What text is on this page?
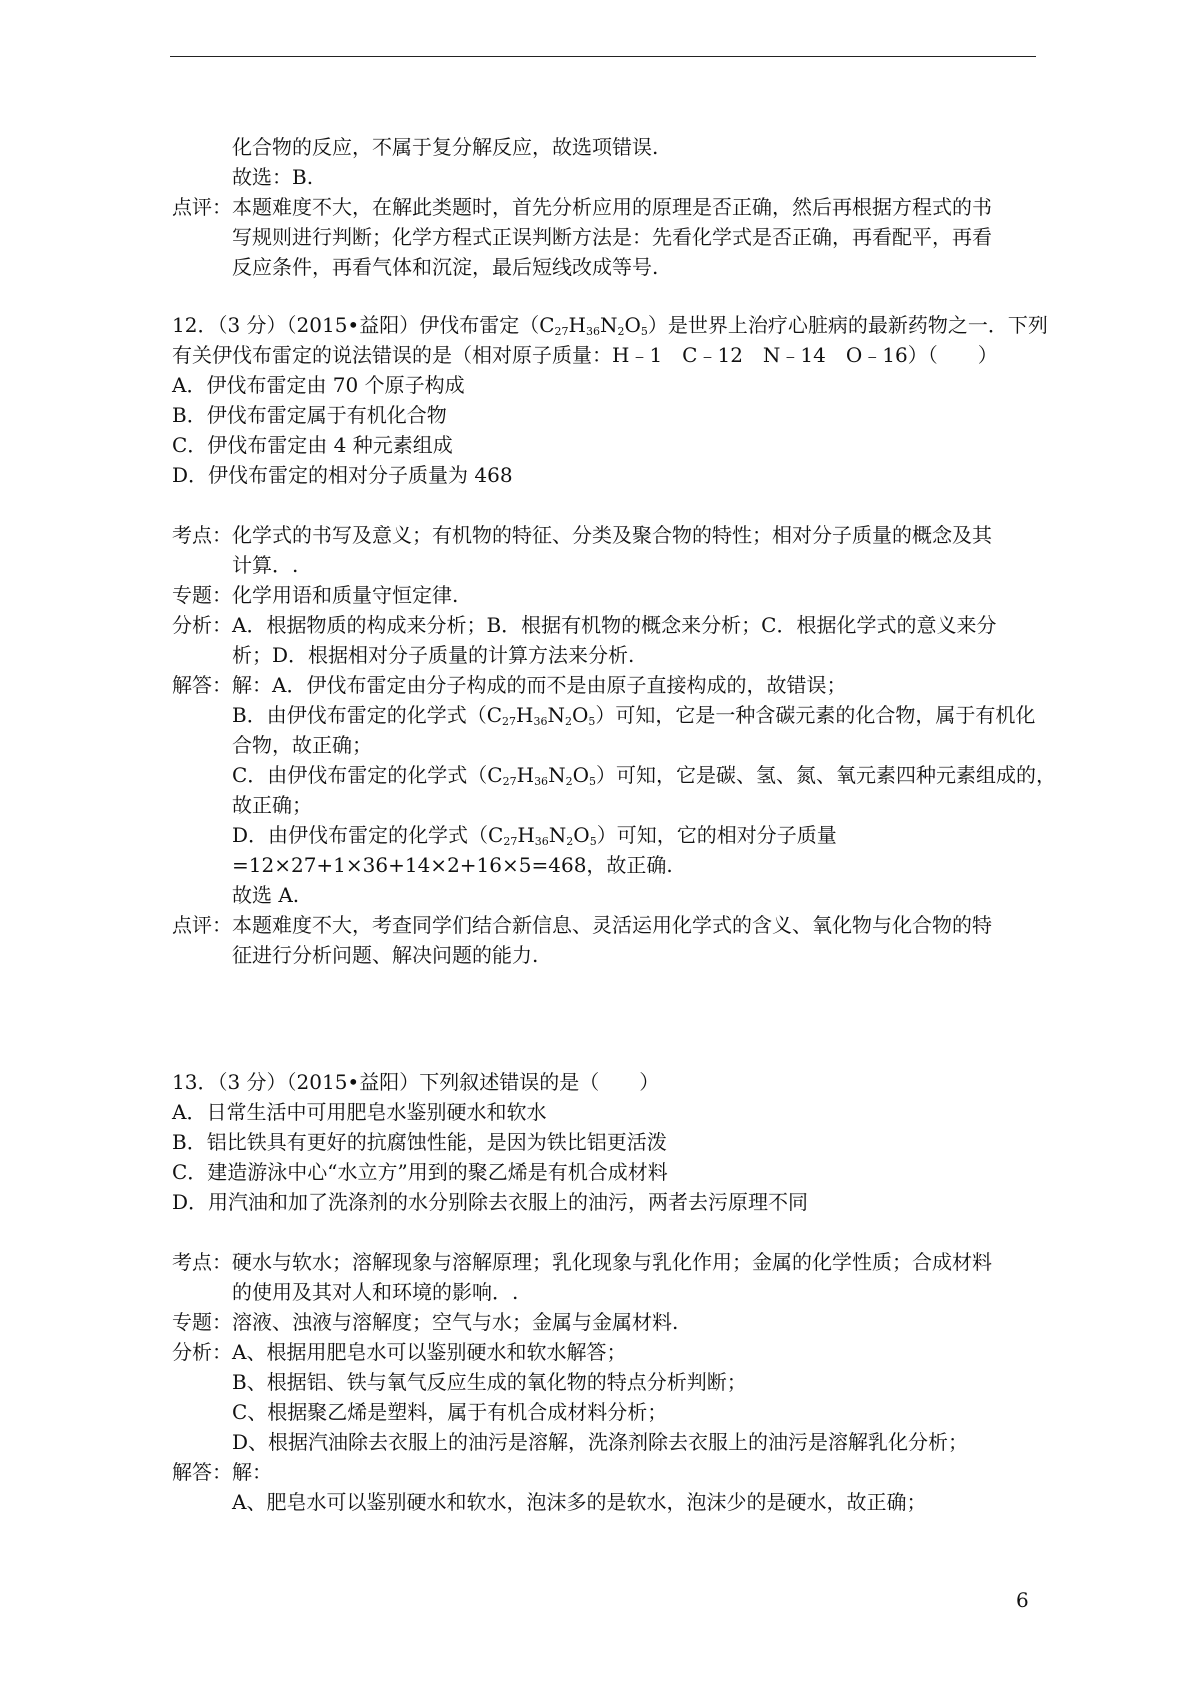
化合物的反应，不属于复分解反应，故选项错误.
故选：B.
点评：本题难度不大，在解此类题时，首先分析应用的原理是否正确，然后再根据方程式的书
写规则进行判断；化学方程式正误判断方法是：先看化学式是否正确，再看配平，再看
反应条件，再看气体和沉淀，最后短线改成等号.
12．（3 分）（2015•益阳）伊伐布雷定$(C_{27}H_{36}N_2O_5)$是世界上治疗心脏病的最新药物之一．下列
有关伊伐布雷定的说法错误的是（相对原子质量：H﹣1　C﹣12　N﹣14　O﹣16）（　　）
A．伊伐布雷定由 70 个原子构成
B．伊伐布雷定属于有机化合物
C．伊伐布雷定由 4 种元素组成
D．伊伐布雷定的相对分子质量为 468
考点：化学式的书写及意义；有机物的特征、分类及聚合物的特性；相对分子质量的概念及其
计算．.
专题：化学用语和质量守恒定律.
分析：A．根据物质的构成来分析；B．根据有机物的概念来分析；C．根据化学式的意义来分
析；D．根据相对分子质量的计算方法来分析.
解答：解：A．伊伐布雷定由分子构成的而不是由原子直接构成的，故错误；
B．由伊伐布雷定的化学式$(C_{27}H_{36}N_2O_5)$可知，它是一种含碳元素的化合物，属于有机化
合物，故正确；
C．由伊伐布雷定的化学式$(C_{27}H_{36}N_2O_5)$可知，它是碳、氢、氮、氧元素四种元素组成的，
故正确；
D．由伊伐布雷定的化学式$(C_{27}H_{36}N_2O_5)$可知，它的相对分子质量
=12×27+1×36+14×2+16×5=468，故正确.
故选 A.
点评：本题难度不大，考查同学们结合新信息、灵活运用化学式的含义、氧化物与化合物的特
征进行分析问题、解决问题的能力.
13．（3 分）（2015•益阳）下列叙述错误的是（　　）
A．日常生活中可用肥皂水鉴别硬水和软水
B．铝比铁具有更好的抗腐蚀性能，是因为铁比铝更活泼
C．建造游泳中心“水立方”用到的聚乙烯是有机合成材料
D．用汽油和加了洗涤剂的水分别除去衣服上的油污，两者去污原理不同
考点：硬水与软水；溶解现象与溶解原理；乳化现象与乳化作用；金属的化学性质；合成材料
的使用及其对人和环境的影响．.
专题：溶液、浊液与溶解度；空气与水；金属与金属材料.
分析：A、根据用肥皂水可以鉴别硬水和软水解答；
B、根据铝、铁与氧气反应生成的氧化物的特点分析判断；
C、根据聚乙烯是塑料，属于有机合成材料分析；
D、根据汽油除去衣服上的油污是溶解，洗涤剂除去衣服上的油污是溶解乳化分析；
解答：解：
A、肥皂水可以鉴别硬水和软水，泡沫多的是软水，泡沫少的是硬水，故正确；
6
